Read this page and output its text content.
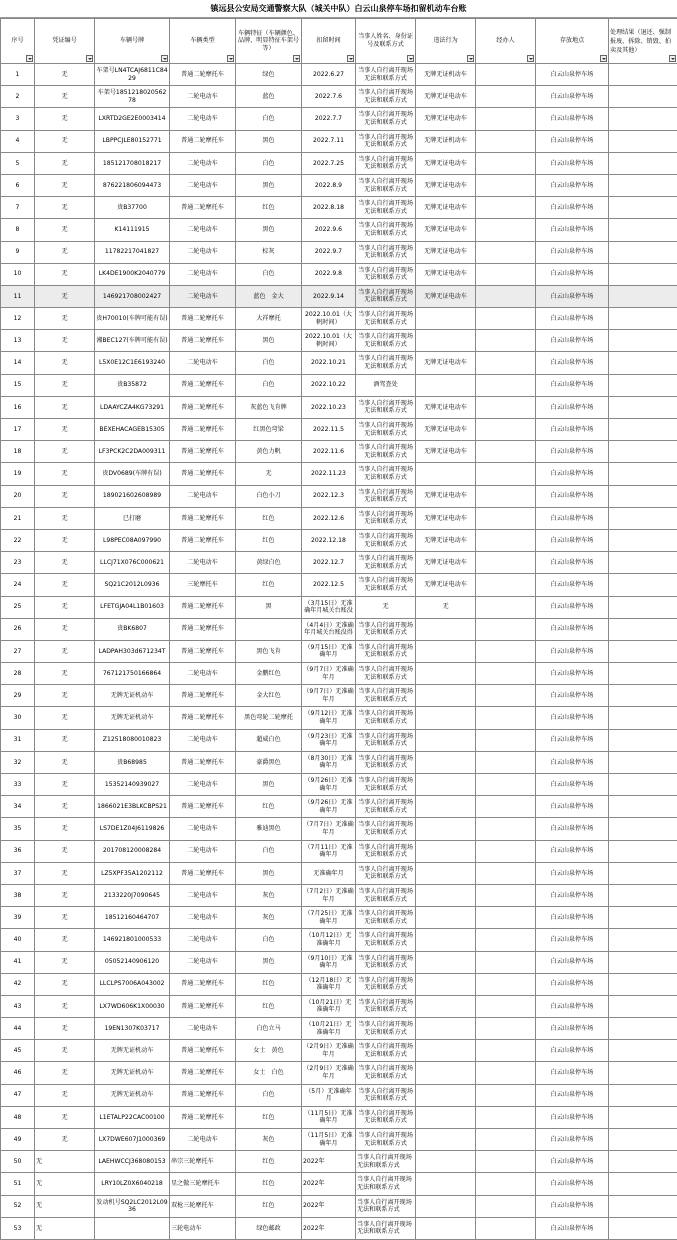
镇远县公安局交通警察大队（城关中队）白云山泉停车场扣留机动车台账
序号	凭证编号	车辆号牌	车辆类型	车辆特征（车辆颜色、品牌、明显特征车架号等）	扣留时间	当事人姓名、身份证号及联系方式	违法行为	经办人	存放地点	处理结果（退还、强制报废、拆除、销毁、拍卖及其他）

1	无	车架号LN4TCAJ6811C8429	普通二轮摩托车	绿色	2022.6.27	当事人自行离开现场无法和联系方式	无牌无证机动车		白云山泉停车场	
2	无	车架号185121802056278	二轮电动车	蓝色	2022.7.6	当事人自行离开现场无法和联系方式	无牌无证电动车		白云山泉停车场	
3	无	LXRTD2GE2E0003414	二轮电动车	白色	2022.7.7	当事人自行离开现场无法和联系方式	无牌无证电动车		白云山泉停车场	
4	无	LBPPCJLE80152771	普通二轮摩托车	黑色	2022.7.11	当事人自行离开现场无法和联系方式	无牌无证机动车		白云山泉停车场	
5	无	185121708018217	二轮电动车	白色	2022.7.25	当事人自行离开现场无法和联系方式	无牌无证电动车		白云山泉停车场	
6	无	876221806094473	二轮电动车	黑色	2022.8.9	当事人自行离开现场无法和联系方式	无牌无证电动车		白云山泉停车场	
7	无	贵B37700	普通二轮摩托车	红色	2022.8.18	当事人自行离开现场无法和联系方式	无牌无证电动车		白云山泉停车场	
8	无	K14111915	二轮电动车	黑色	2022.9.6	当事人自行离开现场无法和联系方式	无牌无证电动车		白云山泉停车场	
9	无	11782217041827	二轮电动车	棕灰	2022.9.7	当事人自行离开现场无法和联系方式	无牌无证电动车		白云山泉停车场	
10	无	LK4DE1900K2040779	二轮电动车	白色	2022.9.8	当事人自行离开现场无法和联系方式	无牌无证电动车		白云山泉停车场	
11	无	146921708002427	二轮电动车	蓝色　金大	2022.9.14	当事人自行离开现场无法和联系方式	无牌无证电动车		白云山泉停车场	
12	无	贵H70010(车牌可能有误)	普通二轮摩托车	大祥摩托	2022.10.01（大帆时间）	当事人自行离开现场无法和联系方式			白云山泉停车场	
13	无	湘BEC127(车牌可能有误)	普通二轮摩托车	黑色	2022.10.01（大帆时间）	当事人自行离开现场无法和联系方式			白云山泉停车场	
14	无	L5X0E12C1E6193240	二轮电动车	白色	2022.10.21	当事人自行离开现场无法和联系方式	无牌无证电动车		白云山泉停车场	
15	无	贵B35872	普通二轮摩托车	白色	2022.10.22	酒驾查处			白云山泉停车场	
16	无	LDAAYCZA4KG73291	普通二轮摩托车	灰蓝色飞肯牌	2022.10.23	当事人自行离开现场无法和联系方式	无牌无证电动车		白云山泉停车场	
17	无	BEXEHACAGEB15305	普通二轮摩托车	红黑色弯梁	2022.11.5	当事人自行离开现场无法和联系方式	无牌无证电动车		白云山泉停车场	
18	无	LF3PCK2C2DA009311	普通二轮摩托车	黄色力帆	2022.11.6	当事人自行离开现场无法和联系方式	无牌无证电动车		白云山泉停车场	
19	无	贵DV0689(车牌有误)	普通二轮摩托车	无	2022.11.23	当事人自行离开现场无法和联系方式			白云山泉停车场	
20	无	189021602608989	二轮电动车	白色小刀	2022.12.3	当事人自行离开现场无法和联系方式	无牌无证电动车		白云山泉停车场	
21	无	已打磨	普通二轮摩托车	红色	2022.12.6	当事人自行离开现场无法和联系方式	无牌无证电动车		白云山泉停车场	
22	无	L98PEC08A097990	普通二轮摩托车	红色	2022.12.18	当事人自行离开现场无法和联系方式	无牌无证电动车		白云山泉停车场	
23	无	LLCJ71X076C000621	二轮电动车	黄绿白色	2022.12.7	当事人自行离开现场无法和联系方式	无牌无证电动车		白云山泉停车场	
24	无	SQ21C2012L0936	三轮摩托车	红色	2022.12.5	当事人自行离开现场无法和联系方式	无牌无证电动车		白云山泉停车场	
25	无	LFETGJA04L1B01603	普通二轮摩托车	黑	（3月15日）无准确年月城关台账没	无	无		白云山泉停车场	
26	无	贵BK6807	普通二轮摩托车		（4月4日）无准确年月城关台账没得	当事人自行离开现场无法和联系方式			白云山泉停车场	
27	无	LADPAH303d671234T	普通二轮摩托车	黑色飞肯	（9月15日）无准确年月	当事人自行离开现场无法和联系方式			白云山泉停车场	
28	无	767121750166864	二轮电动车	金鹏红色	（9月7日）无准确年月	当事人自行离开现场无法和联系方式			白云山泉停车场	
29	无	无牌无证机动车	普通二轮摩托车	金大红色	（9月7日）无准确年月	当事人自行离开现场无法和联系方式			白云山泉停车场	
30	无	无牌无证机动车	普通二轮摩托车	黑色弯轮二轮摩托	（9月12日）无准确年月	当事人自行离开现场无法和联系方式			白云山泉停车场	
31	无	Z12518080010823	二轮电动车	超威白色	（9月23日）无准确年月	当事人自行离开现场无法和联系方式			白云山泉停车场	
32	无	贵B68985	普通二轮摩托车	豪爵黑色	（8月30日）无准确年月	当事人自行离开现场无法和联系方式			白云山泉停车场	
33	无	15352140939027	二轮电动车	黑色	（9月26日）无准确年月	当事人自行离开现场无法和联系方式			白云山泉停车场	
34	无	1866021E3BLKCBPS21	普通二轮摩托车	红色	（9月26日）无准确年月	当事人自行离开现场无法和联系方式			白云山泉停车场	
35	无	LS7DE1Z04J6119826	二轮电动车	雅迪黑色	（7月7日）无准确年月	当事人自行离开现场无法和联系方式			白云山泉停车场	
36	无	201708120008284	二轮电动车	白色	（7月11日）无准确年月	当事人自行离开现场无法和联系方式			白云山泉停车场	
37	无	LZ5XPF35A1202112	普通二轮摩托车	黑色	无准确年月	当事人自行离开现场无法和联系方式			白云山泉停车场	
38	无	2133220J7090645	二轮电动车	灰色	（7月2日）无准确年月	当事人自行离开现场无法和联系方式			白云山泉停车场	
39	无	18512160464707	二轮电动车	灰色	（7月25日）无准确年月	当事人自行离开现场无法和联系方式			白云山泉停车场	
40	无	146921801000533	二轮电动车	白色	（10月12日）无准确年月	当事人自行离开现场无法和联系方式			白云山泉停车场	
41	无	05052140906120	二轮电动车	黑色	（9月10日）无准确年月	当事人自行离开现场无法和联系方式			白云山泉停车场	
42	无	LLCLPS7006A043002	普通二轮摩托车	红色	（12月18日）无准确年月	当事人自行离开现场无法和联系方式			白云山泉停车场	
43	无	LX7WD606K1X00030	普通二轮摩托车	红色	（10月21日）无准确年月	当事人自行离开现场无法和联系方式			白云山泉停车场	
44	无	19EN1307K03717	二轮电动车	白色立马	（10月21日）无准确年月	当事人自行离开现场无法和联系方式			白云山泉停车场	
45	无	无牌无证机动车	普通二轮摩托车	女士　黄色	（2月9日）无准确年月	当事人自行离开现场无法和联系方式			白云山泉停车场	
46	无	无牌无证机动车	普通二轮摩托车	女士　白色	（2月9日）无准确年月	当事人自行离开现场无法和联系方式			白云山泉停车场	
47	无	无牌无证机动车	普通二轮摩托车	白色	（5月）无准确年月	当事人自行离开现场无法和联系方式			白云山泉停车场	
48	无	L1ETALP22CAC00100	普通二轮摩托车	红色	（11月5日）无准确年月	当事人自行离开现场无法和联系方式			白云山泉停车场	
49	无	LX7DWE607J1000369	二轮电动车	灰色	（11月5日）无准确年月	当事人自行离开现场无法和联系方式			白云山泉停车场	
50	无	LAEHWCCJ368080153	串宗三轮摩托车	红色	2022年	当事人自行离开现场无法和联系方式			白云山泉停车场	
51	无	LRY10LZ0X6040218	星之傲三轮摩托车	红色	2022年	当事人自行离开现场无法和联系方式			白云山泉停车场	
52	无	发动机号SQ2LC2012L0936	双枪三轮摩托车	红色	2022年	当事人自行离开现场无法和联系方式			白云山泉停车场	
53	无		三轮电动车	绿色邮政	2022年	当事人自行离开现场无法和联系方式			白云山泉停车场	
